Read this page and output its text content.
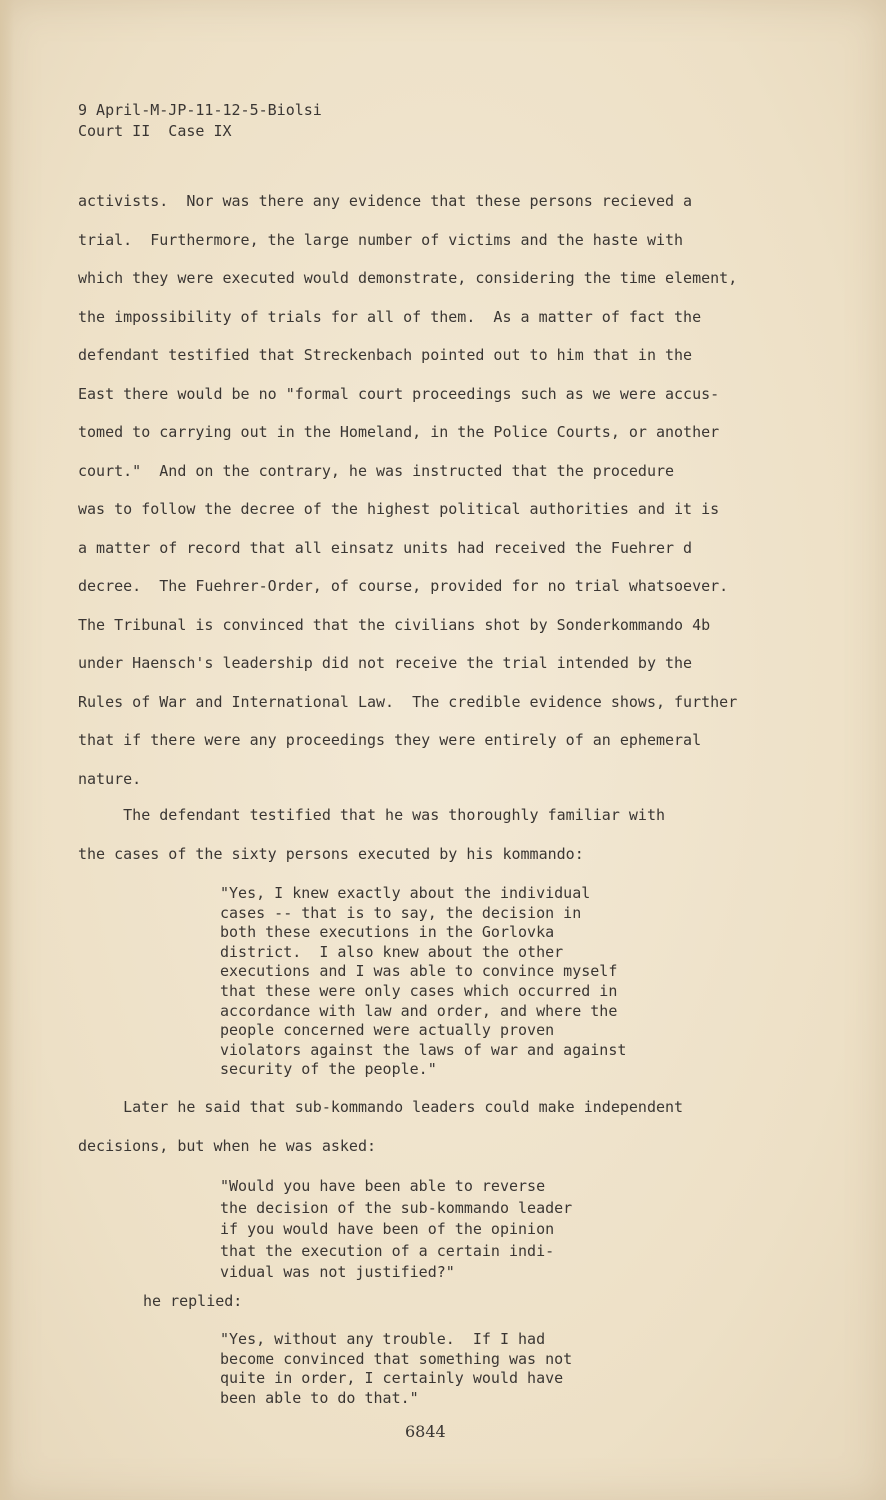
9 April-M-JP-11-12-5-Biolsi
Court II  Case IX
activists.  Nor was there any evidence that these persons recieved a
trial.  Furthermore, the large number of victims and the haste with
which they were executed would demonstrate, considering the time element,
the impossibility of trials for all of them.  As a matter of fact the
defendant testified that Streckenbach pointed out to him that in the
East there would be no "formal court proceedings such as we were accus-
tomed to carrying out in the Homeland, in the Police Courts, or another
court."  And on the contrary, he was instructed that the procedure
was to follow the decree of the highest political authorities and it is
a matter of record that all einsatz units had received the Fuehrer d
decree.  The Fuehrer-Order, of course, provided for no trial whatsoever.
The Tribunal is convinced that the civilians shot by Sonderkommando 4b
under Haensch's leadership did not receive the trial intended by the
Rules of War and International Law.  The credible evidence shows, further
that if there were any proceedings they were entirely of an ephemeral
nature.
The defendant testified that he was thoroughly familiar with
the cases of the sixty persons executed by his kommando:
"Yes, I knew exactly about the individual
cases -- that is to say, the decision in
both these executions in the Gorlovka
district.  I also knew about the other
executions and I was able to convince myself
that these were only cases which occurred in
accordance with law and order, and where the
people concerned were actually proven
violators against the laws of war and against
security of the people."
Later he said that sub-kommando leaders could make independent
decisions, but when he was asked:
"Would you have been able to reverse
the decision of the sub-kommando leader
if you would have been of the opinion
that the execution of a certain indi-
vidual was not justified?"
he replied:
"Yes, without any trouble.  If I had
become convinced that something was not
quite in order, I certainly would have
been able to do that."
6844
